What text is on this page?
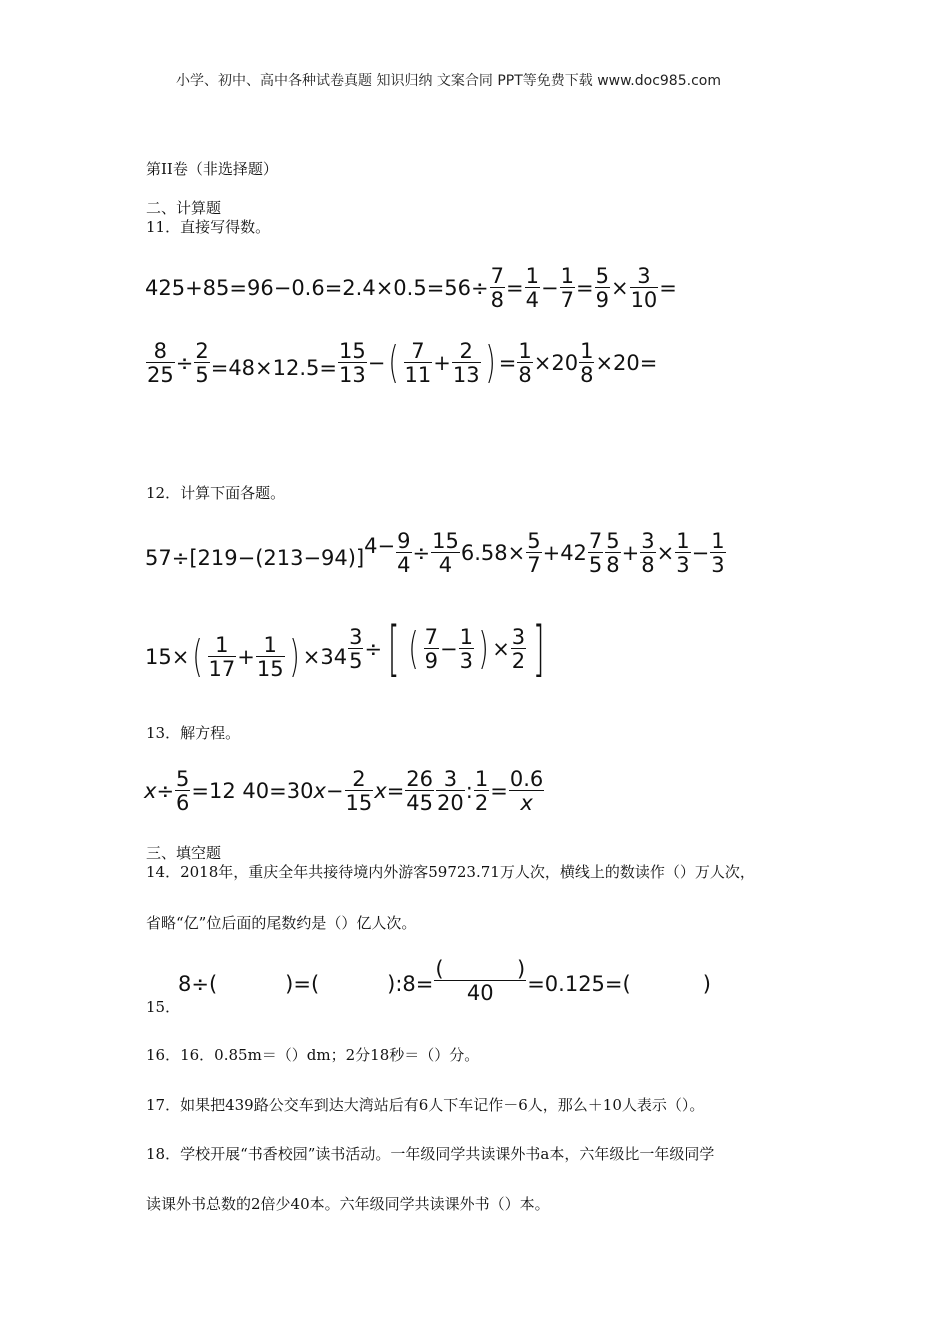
小学、初中、高中各种试卷真题 知识归纳 文案合同 PPT等免费下载 www.doc985.com
第II卷（非选择题）
二、计算题
11．直接写得数。
$425+85=96-0.6=2.4\times 0.5=56\div \frac{7}{8} = \frac{1}{4} - \frac{1}{7} = \frac{5}{9} \times \frac{3}{10}$ =
$\frac{8}{25} \div \frac{2}{5} =48\times 12.5= \frac{15}{13}$ −( $\frac{7}{11} + \frac{2}{13}$ ) = $\frac{1}{8} \times 20 \frac{1}{8} \times 20=$
12．计算下面各题。
$57\div[219-(213-94)]4- \frac{9}{4} \div \frac{15}{4} 6.58\times \frac{5}{7} +42 \frac{7}{5} \frac{5}{8} + \frac{3}{8} \times \frac{1}{3} - \frac{1}{3}$
$15\times( \frac{1}{17} + \frac{1}{15}$ ) $\times 34 \frac{3}{5}$ ÷[ ( $\frac{7}{9} - \frac{1}{3}$ ) × $\frac{3}{2}$ ]
13．解方程。
$x\div \frac{5}{6} =12$ $40=30x- \frac{2}{15} x= \frac{26}{45} \frac{3}{20}$ : $\frac{1}{2} = \frac{0.6}{x}$
三、填空题
14．2018年，重庆全年共接待境内外游客59723.71万人次，横线上的数读作（）万人次，
省略“亿”位后面的尾数约是（）亿人次。
15．
8÷(	)=(	):8= $\frac{( )}{40} =0.125=$(	)
16．16．0.85m＝（）dm；2分18秒＝（）分。
17．如果把439路公交车到达大湾站后有6人下车记作－6人，那么＋10人表示（）。
18．学校开展“书香校园”读书活动。一年级同学共读课外书a本，六年级比一年级同学
读课外书总数的2倍少40本。六年级同学共读课外书（）本。
